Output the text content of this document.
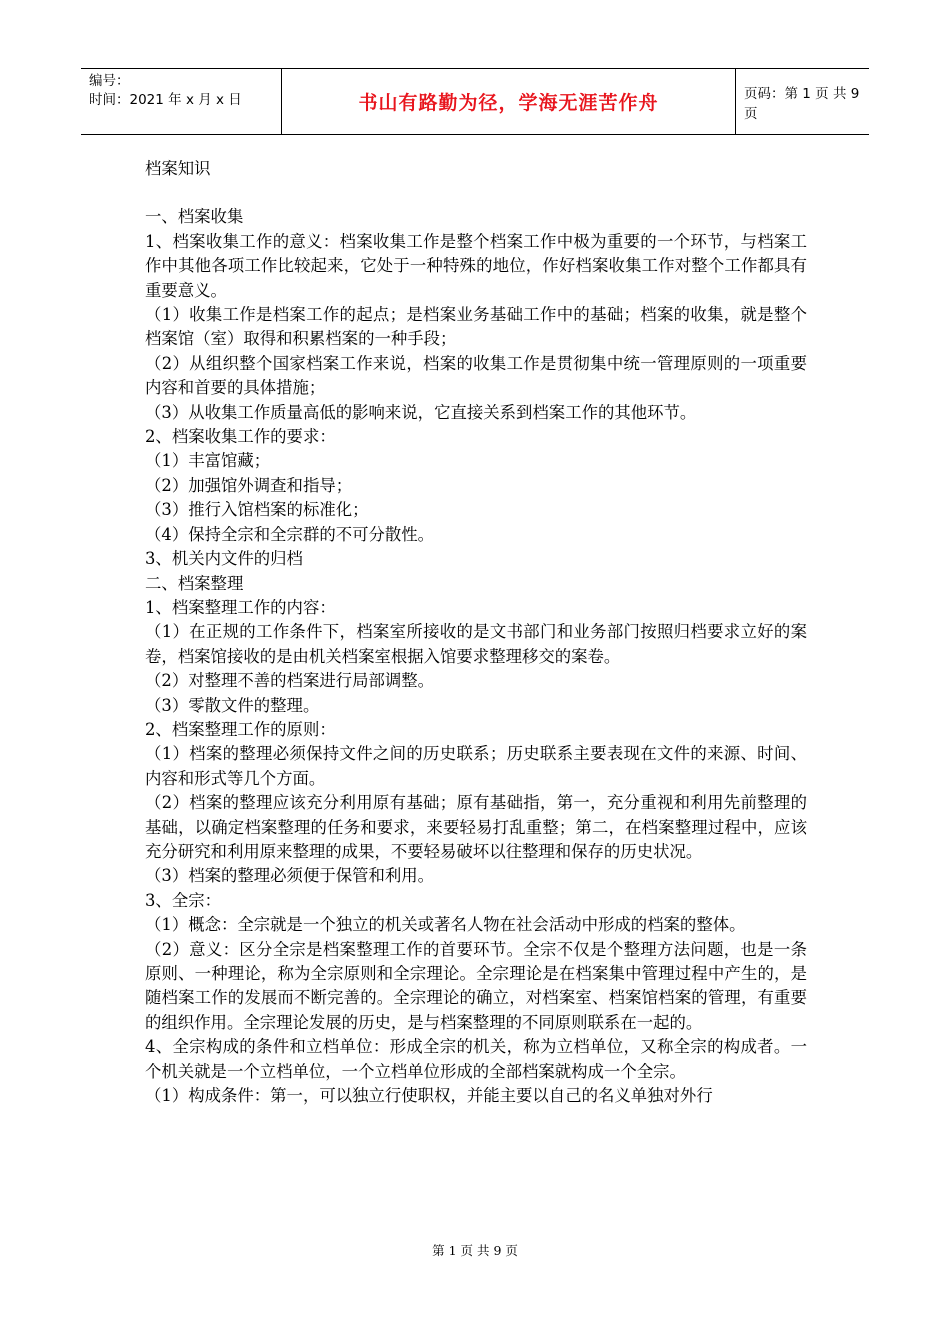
编号：
时间：2021 年 x 月 x 日	书山有路勤为径，学海无涯苦作舟	页码：第 1 页 共 9 页

档案知识

一、档案收集

1、档案收集工作的意义：档案收集工作是整个档案工作中极为重要的一个环节，与档案工作中其他各项工作比较起来，它处于一种特殊的地位，作好档案收集工作对整个工作都具有重要意义。

（1）收集工作是档案工作的起点；是档案业务基础工作中的基础；档案的收集，就是整个档案馆（室）取得和积累档案的一种手段；

（2）从组织整个国家档案工作来说，档案的收集工作是贯彻集中统一管理原则的一项重要内容和首要的具体措施；

（3）从收集工作质量高低的影响来说，它直接关系到档案工作的其他环节。

2、档案收集工作的要求：

（1）丰富馆藏；

（2）加强馆外调查和指导；

（3）推行入馆档案的标准化；

（4）保持全宗和全宗群的不可分散性。

3、机关内文件的归档

二、档案整理

1、档案整理工作的内容：

（1）在正规的工作条件下，档案室所接收的是文书部门和业务部门按照归档要求立好的案卷，档案馆接收的是由机关档案室根据入馆要求整理移交的案卷。

（2）对整理不善的档案进行局部调整。

（3）零散文件的整理。

2、档案整理工作的原则：

（1）档案的整理必须保持文件之间的历史联系；历史联系主要表现在文件的来源、时间、内容和形式等几个方面。

（2）档案的整理应该充分利用原有基础；原有基础指，第一，充分重视和利用先前整理的基础，以确定档案整理的任务和要求，来要轻易打乱重整；第二，在档案整理过程中，应该充分研究和利用原来整理的成果，不要轻易破坏以往整理和保存的历史状况。

（3）档案的整理必须便于保管和利用。

3、全宗：

（1）概念：全宗就是一个独立的机关或著名人物在社会活动中形成的档案的整体。

（2）意义：区分全宗是档案整理工作的首要环节。全宗不仅是个整理方法问题，也是一条原则、一种理论，称为全宗原则和全宗理论。全宗理论是在档案集中管理过程中产生的，是随档案工作的发展而不断完善的。全宗理论的确立，对档案室、档案馆档案的管理，有重要的组织作用。全宗理论发展的历史，是与档案整理的不同原则联系在一起的。

4、全宗构成的条件和立档单位：形成全宗的机关，称为立档单位，又称全宗的构成者。一个机关就是一个立档单位，一个立档单位形成的全部档案就构成一个全宗。

（1）构成条件：第一，可以独立行使职权，并能主要以自己的名义单独对外行

第 1 页 共 9 页
